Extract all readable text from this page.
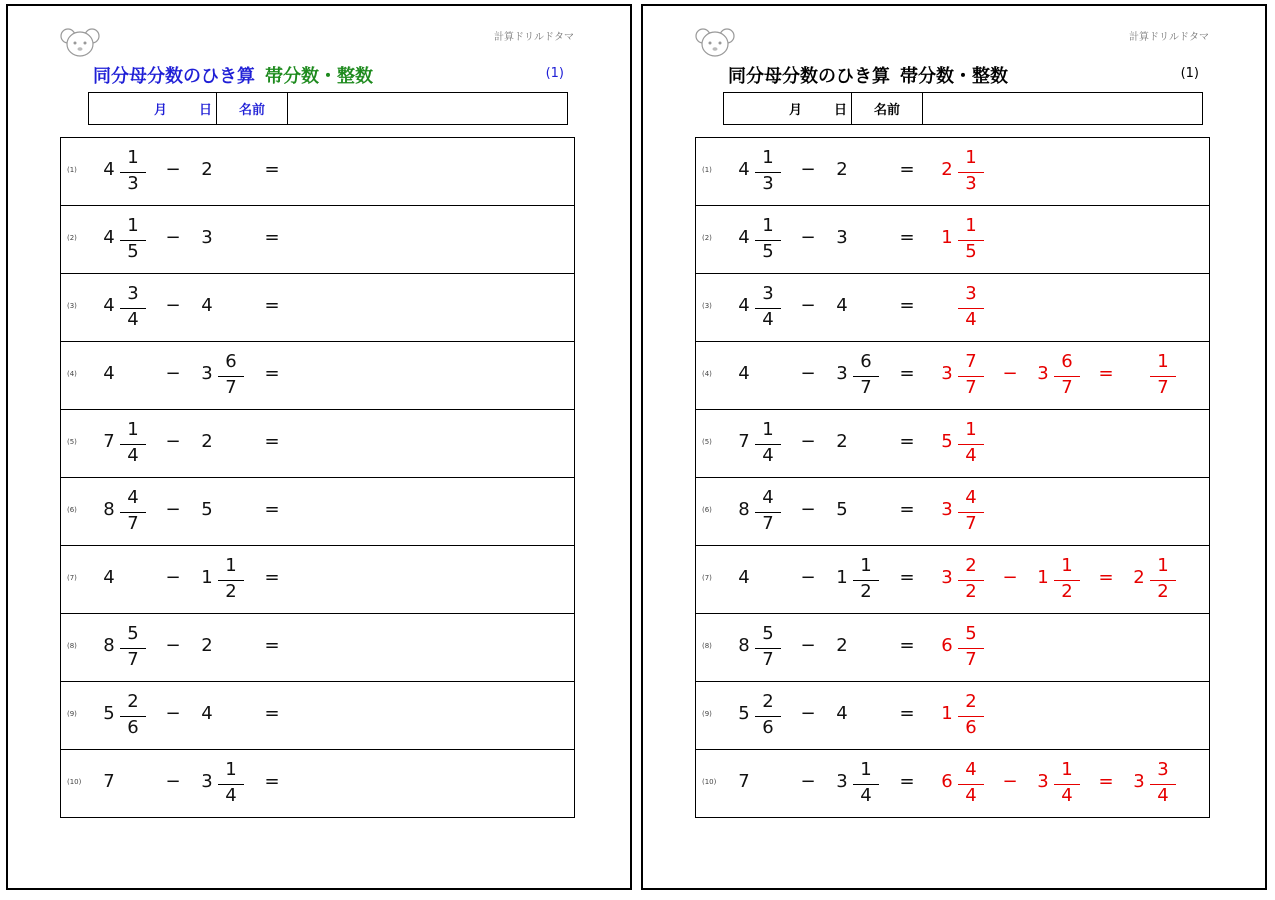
計算ドリルドタマ
同分母分数のひき算 帯分数・整数	(1)
月 日	名前
(1) 4
1
3
− 2	=
(2) 4
1
5
− 3	=
(3) 4
3
4
− 4	=
(4) 4	− 3
6
7
=
(5) 7
1
4
− 2	=
(6) 8
4
7
− 5	=
(7) 4	− 1
1
2
=
(8) 8
5
7
− 2	=
(9) 5
2
6
− 4	=
(10) 7	− 3
1
4
=
計算ドリルドタマ
同分母分数のひき算 帯分数・整数	(1)
月 日	名前
(1) 4
1
3
− 2	= 2
1
3
(2) 4
1
5
− 3	= 1
1
5
(3) 4
3
4
− 4	=
3
4
(4) 4	− 3
6
7
= 3
7
7
− 3
6
7
=
1
7
(5) 7
1
4
− 2	= 5
1
4
(6) 8
4
7
− 5	= 3
4
7
(7) 4	− 1
1
2
= 3
2
2
− 1
1
2
= 2
1
2
(8) 8
5
7
− 2	= 6
5
7
(9) 5
2
6
− 4	= 1
2
6
(10) 7	− 3
1
4
= 6
4
4
− 3
1
4
= 3
3
4
